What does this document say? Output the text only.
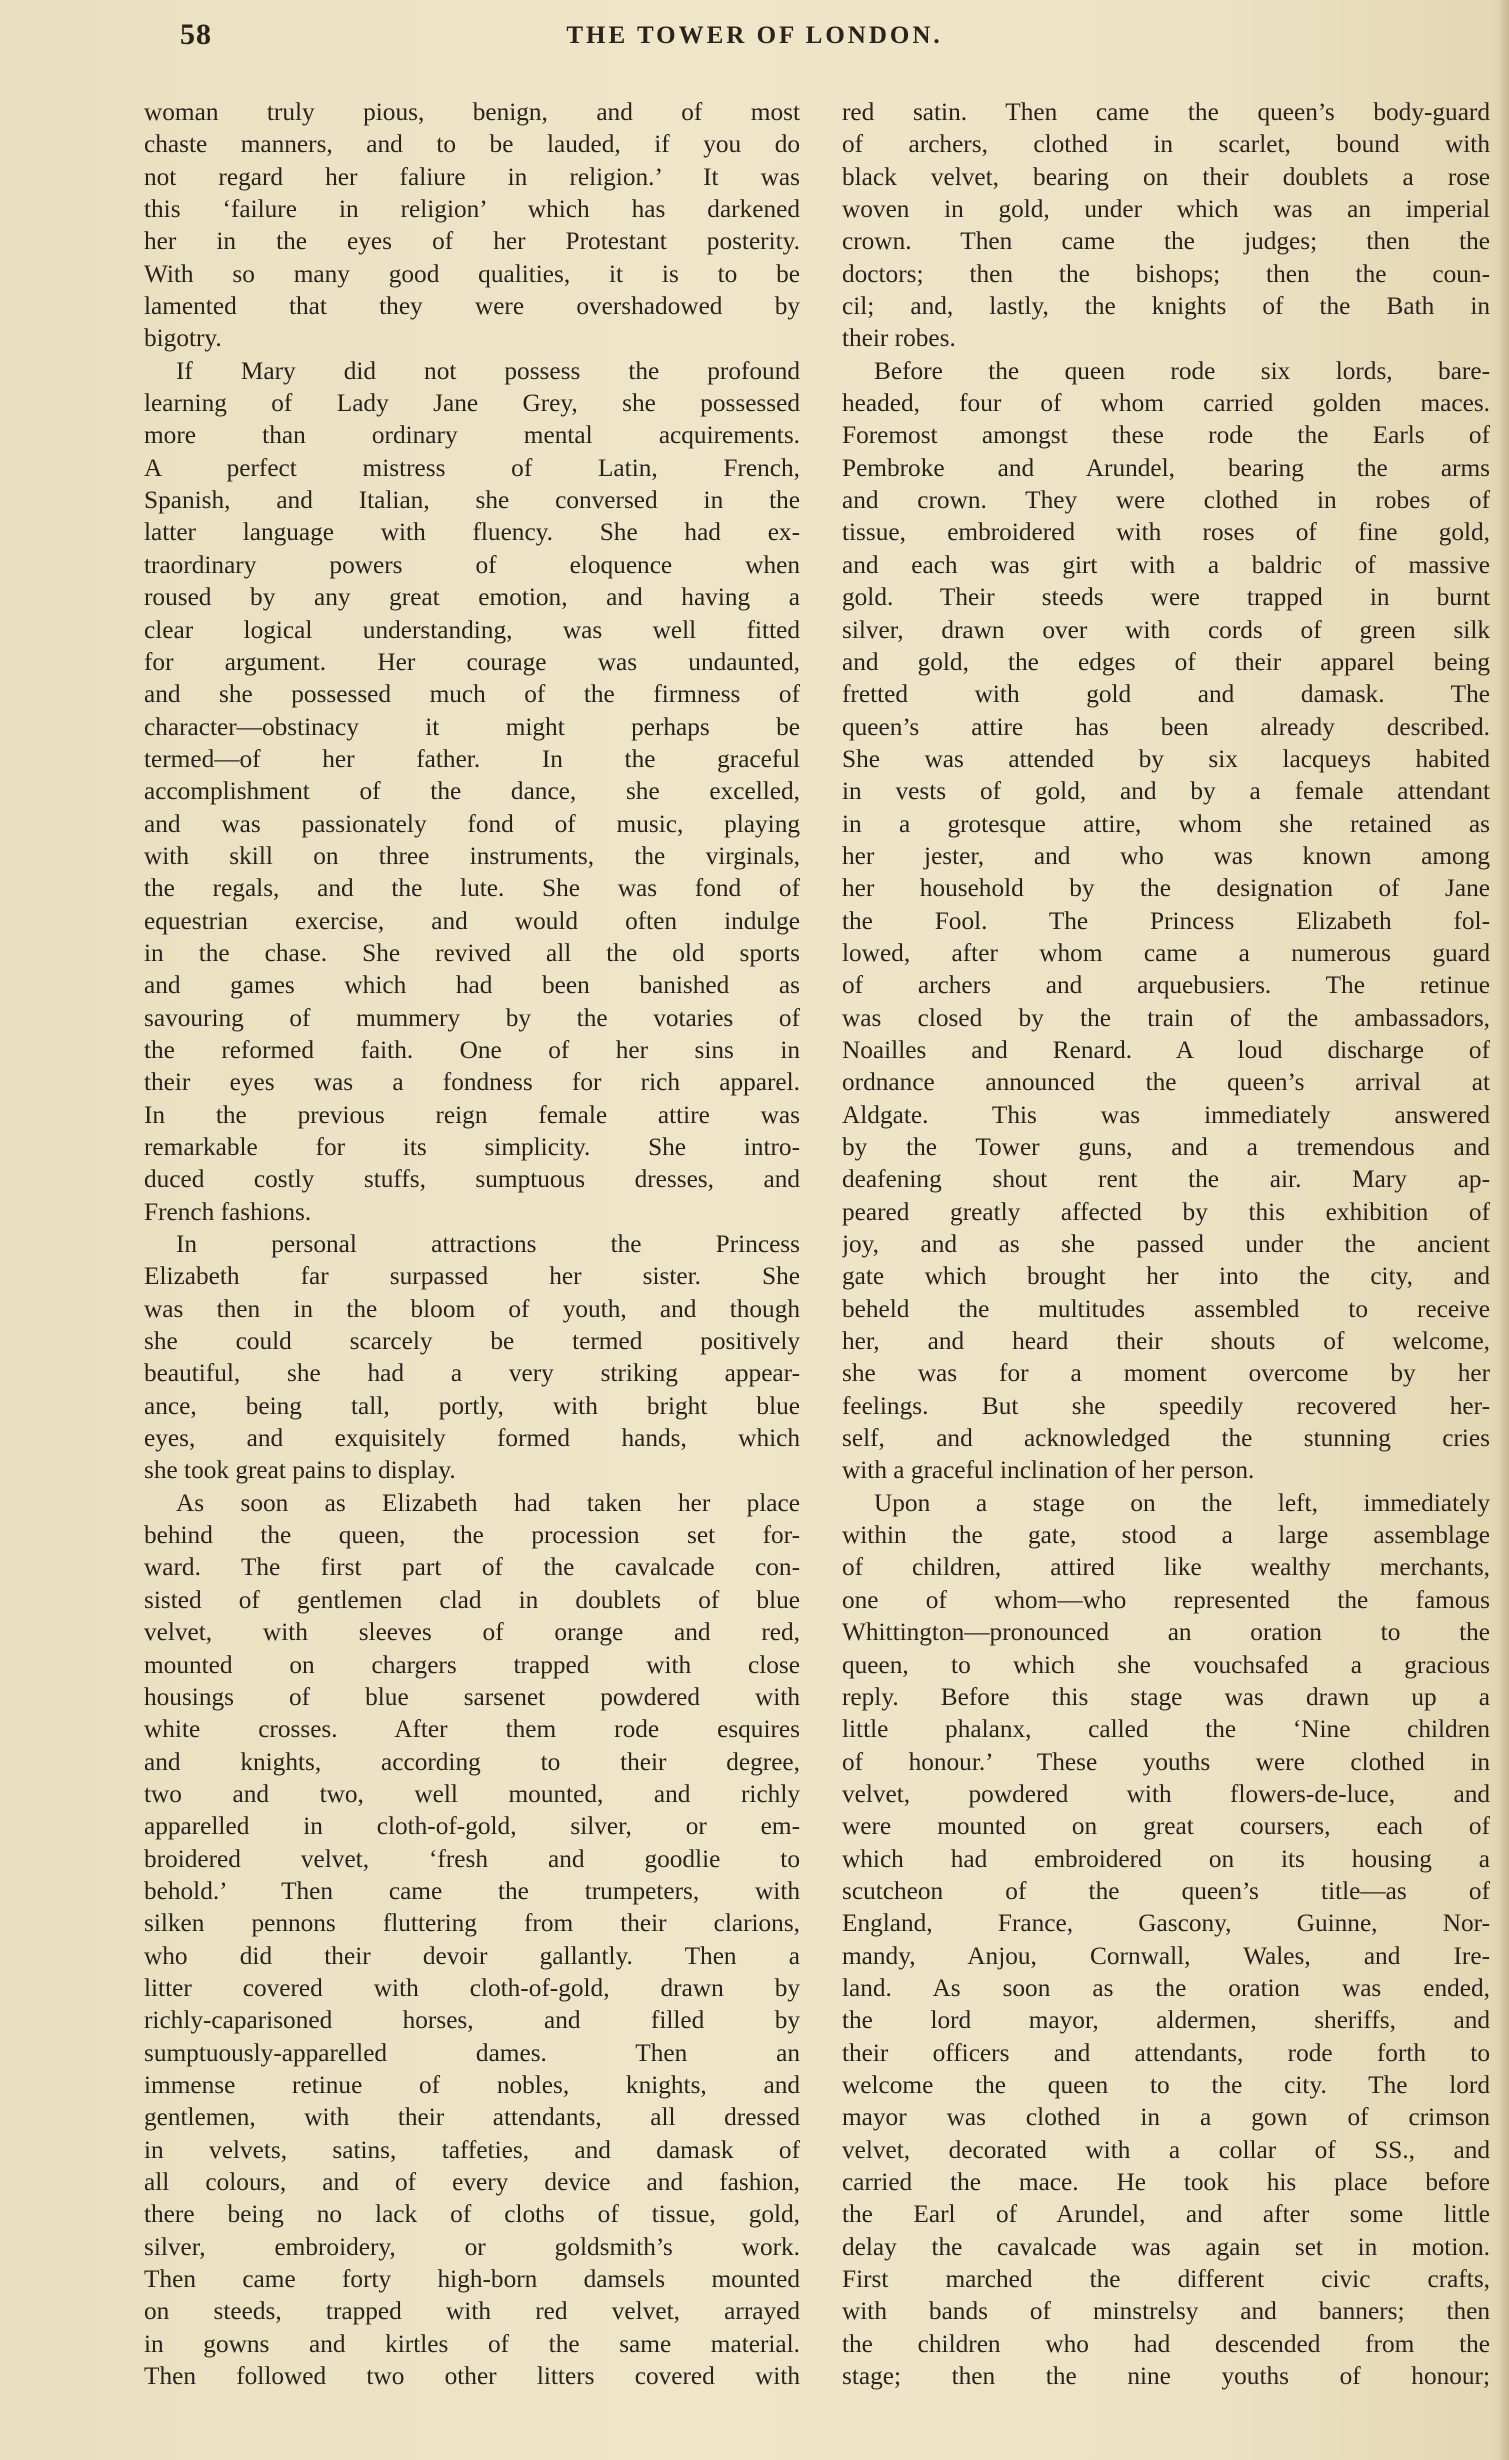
58	THE TOWER OF LONDON.
woman truly pious, benign, and of most
chaste manners, and to be lauded, if you do
not regard her faliure in religion.’ It was
this ‘failure in religion’ which has darkened
her in the eyes of her Protestant posterity.
With so many good qualities, it is to be
lamented that they were overshadowed by
bigotry.
If Mary did not possess the profound
learning of Lady Jane Grey, she possessed
more than ordinary mental acquirements.
A perfect mistress of Latin, French,
Spanish, and Italian, she conversed in the
latter language with fluency. She had ex-
traordinary powers of eloquence when
roused by any great emotion, and having a
clear logical understanding, was well fitted
for argument. Her courage was undaunted,
and she possessed much of the firmness of
character—obstinacy it might perhaps be
termed—of her father. In the graceful
accomplishment of the dance, she excelled,
and was passionately fond of music, playing
with skill on three instruments, the virginals,
the regals, and the lute. She was fond of
equestrian exercise, and would often indulge
in the chase. She revived all the old sports
and games which had been banished as
savouring of mummery by the votaries of
the reformed faith. One of her sins in
their eyes was a fondness for rich apparel.
In the previous reign female attire was
remarkable for its simplicity. She intro-
duced costly stuffs, sumptuous dresses, and
French fashions.
In personal attractions the Princess
Elizabeth far surpassed her sister. She
was then in the bloom of youth, and though
she could scarcely be termed positively
beautiful, she had a very striking appear-
ance, being tall, portly, with bright blue
eyes, and exquisitely formed hands, which
she took great pains to display.
As soon as Elizabeth had taken her place
behind the queen, the procession set for-
ward. The first part of the cavalcade con-
sisted of gentlemen clad in doublets of blue
velvet, with sleeves of orange and red,
mounted on chargers trapped with close
housings of blue sarsenet powdered with
white crosses. After them rode esquires
and knights, according to their degree,
two and two, well mounted, and richly
apparelled in cloth-of-gold, silver, or em-
broidered velvet, ‘fresh and goodlie to
behold.’ Then came the trumpeters, with
silken pennons fluttering from their clarions,
who did their devoir gallantly. Then a
litter covered with cloth-of-gold, drawn by
richly-caparisoned horses, and filled by
sumptuously-apparelled dames. Then an
immense retinue of nobles, knights, and
gentlemen, with their attendants, all dressed
in velvets, satins, taffeties, and damask of
all colours, and of every device and fashion,
there being no lack of cloths of tissue, gold,
silver, embroidery, or goldsmith’s work.
Then came forty high-born damsels mounted
on steeds, trapped with red velvet, arrayed
in gowns and kirtles of the same material.
Then followed two other litters covered with
red satin. Then came the queen’s body-guard
of archers, clothed in scarlet, bound with
black velvet, bearing on their doublets a rose
woven in gold, under which was an imperial
crown. Then came the judges; then the
doctors; then the bishops; then the coun-
cil; and, lastly, the knights of the Bath in
their robes.
Before the queen rode six lords, bare-
headed, four of whom carried golden maces.
Foremost amongst these rode the Earls of
Pembroke and Arundel, bearing the arms
and crown. They were clothed in robes of
tissue, embroidered with roses of fine gold,
and each was girt with a baldric of massive
gold. Their steeds were trapped in burnt
silver, drawn over with cords of green silk
and gold, the edges of their apparel being
fretted with gold and damask. The
queen’s attire has been already described.
She was attended by six lacqueys habited
in vests of gold, and by a female attendant
in a grotesque attire, whom she retained as
her jester, and who was known among
her household by the designation of Jane
the Fool. The Princess Elizabeth fol-
lowed, after whom came a numerous guard
of archers and arquebusiers. The retinue
was closed by the train of the ambassadors,
Noailles and Renard. A loud discharge of
ordnance announced the queen’s arrival at
Aldgate. This was immediately answered
by the Tower guns, and a tremendous and
deafening shout rent the air. Mary ap-
peared greatly affected by this exhibition of
joy, and as she passed under the ancient
gate which brought her into the city, and
beheld the multitudes assembled to receive
her, and heard their shouts of welcome,
she was for a moment overcome by her
feelings. But she speedily recovered her-
self, and acknowledged the stunning cries
with a graceful inclination of her person.
Upon a stage on the left, immediately
within the gate, stood a large assemblage
of children, attired like wealthy merchants,
one of whom—who represented the famous
Whittington—pronounced an oration to the
queen, to which she vouchsafed a gracious
reply. Before this stage was drawn up a
little phalanx, called the ‘Nine children
of honour.’ These youths were clothed in
velvet, powdered with flowers-de-luce, and
were mounted on great coursers, each of
which had embroidered on its housing a
scutcheon of the queen’s title—as of
England, France, Gascony, Guinne, Nor-
mandy, Anjou, Cornwall, Wales, and Ire-
land. As soon as the oration was ended,
the lord mayor, aldermen, sheriffs, and
their officers and attendants, rode forth to
welcome the queen to the city. The lord
mayor was clothed in a gown of crimson
velvet, decorated with a collar of SS., and
carried the mace. He took his place before
the Earl of Arundel, and after some little
delay the cavalcade was again set in motion.
First marched the different civic crafts,
with bands of minstrelsy and banners; then
the children who had descended from the
stage; then the nine youths of honour;
